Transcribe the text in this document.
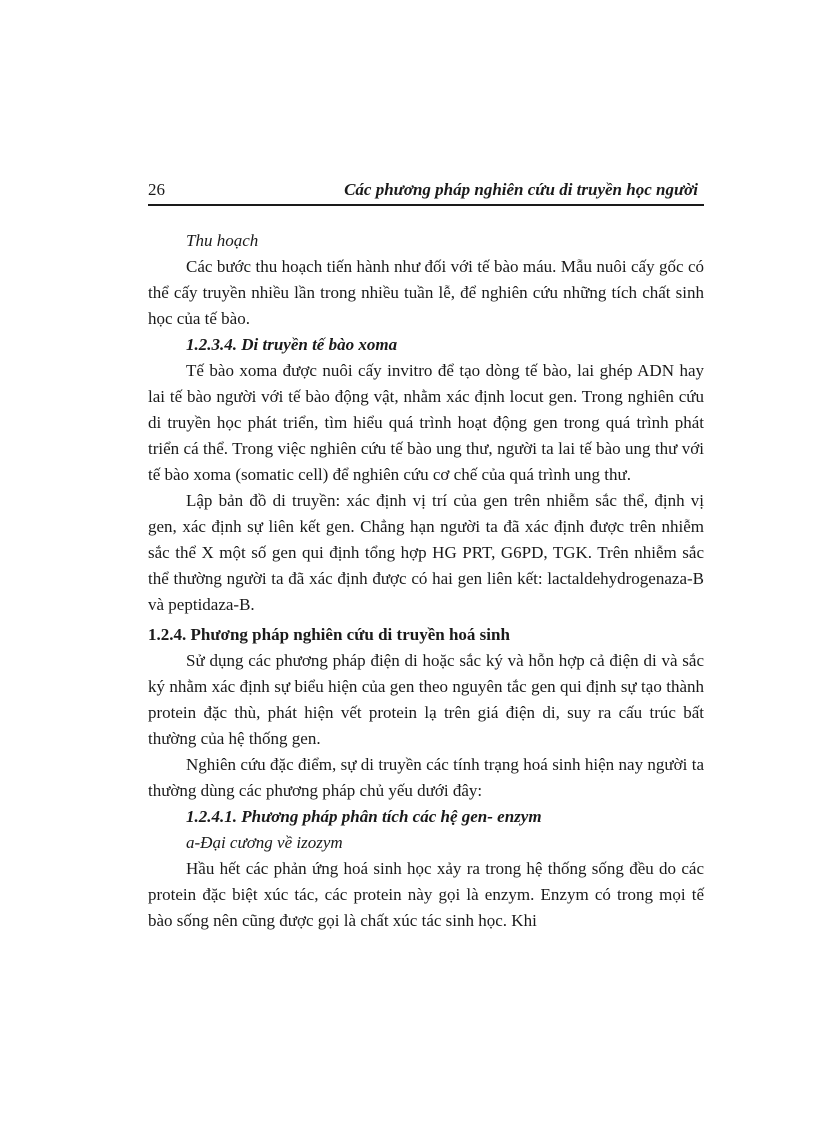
26	Các phương pháp nghiên cứu di truyền học người

Thu hoạch

Các bước thu hoạch tiến hành như đối với tế bào máu. Mẫu nuôi cấy gốc có thể cấy truyền nhiều lần trong nhiều tuần lễ, để nghiên cứu những tích chất sinh học của tế bào.

1.2.3.4. Di truyền tế bào xoma

Tế bào xoma được nuôi cấy invitro để tạo dòng tế bào, lai ghép ADN hay lai tế bào người với tế bào động vật, nhằm xác định locut gen. Trong nghiên cứu di truyền học phát triển, tìm hiểu quá trình hoạt động gen trong quá trình phát triển cá thể. Trong việc nghiên cứu tế bào ung thư, người ta lai tế bào ung thư với tế bào xoma (somatic cell) để nghiên cứu cơ chế của quá trình ung thư.

Lập bản đồ di truyền: xác định vị trí của gen trên nhiễm sắc thể, định vị gen, xác định sự liên kết gen. Chẳng hạn người ta đã xác định được trên nhiễm sắc thể X một số gen qui định tổng hợp HG PRT, G6PD, TGK. Trên nhiễm sắc thể thường người ta đã xác định được có hai gen liên kết: lactaldehydrogenaza-B và peptidaza-B.

1.2.4. Phương pháp nghiên cứu di truyền hoá sinh

Sử dụng các phương pháp điện di hoặc sắc ký và hỗn hợp cả điện di và sắc ký nhằm xác định sự biểu hiện của gen theo nguyên tắc gen qui định sự tạo thành protein đặc thù, phát hiện vết protein lạ trên giá điện di, suy ra cấu trúc bất thường của hệ thống gen.

Nghiên cứu đặc điểm, sự di truyền các tính trạng hoá sinh hiện nay người ta thường dùng các phương pháp chủ yếu dưới đây:

1.2.4.1. Phương pháp phân tích các hệ gen- enzym

a-Đại cương về izozym

Hầu hết các phản ứng hoá sinh học xảy ra trong hệ thống sống đều do các protein đặc biệt xúc tác, các protein này gọi là enzym. Enzym có trong mọi tế bào sống nên cũng được gọi là chất xúc tác sinh học. Khi
